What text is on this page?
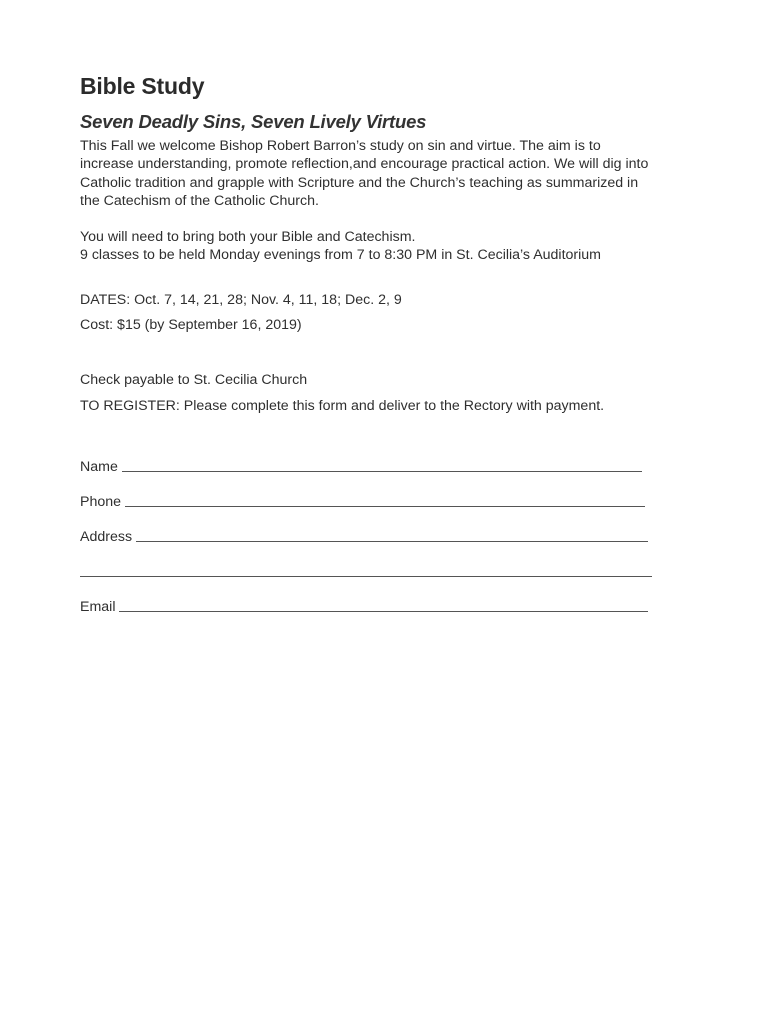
Bible Study
Seven Deadly Sins, Seven Lively Virtues

This Fall we welcome Bishop Robert Barron’s study on sin and virtue. The aim is to

increase understanding, promote reflection,and encourage practical action. We will dig into

Catholic tradition and grapple with Scripture and the Church’s teaching as summarized in

the Catechism of the Catholic Church.

You will need to bring both your Bible and Catechism.

9 classes to be held Monday evenings from 7 to 8:30 PM in St. Cecilia’s Auditorium

DATES: Oct. 7, 14, 21, 28; Nov. 4, 11, 18; Dec. 2, 9

Cost: $15 (by September 16, 2019)

Check payable to St. Cecilia Church

TO REGISTER: Please complete this form and deliver to the Rectory with payment.

Name
Phone
Address
Email
